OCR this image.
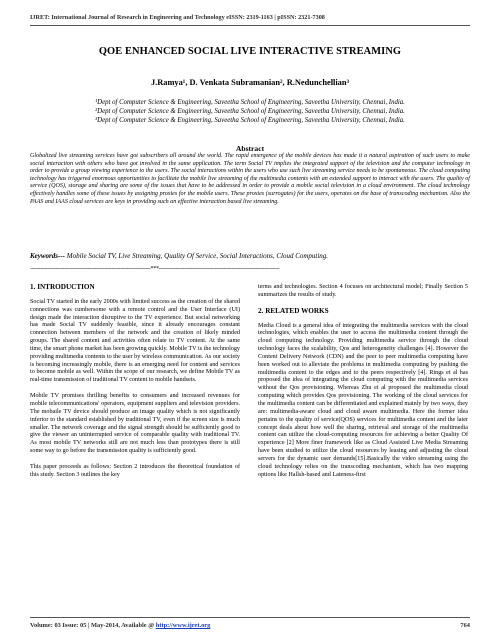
IJRET: International Journal of Research in Engineering and Technology eISSN: 2319-1163 | pISSN: 2321-7308
QOE ENHANCED SOCIAL LIVE INTERACTIVE STREAMING
J.Ramya¹, D. Venkata Subramanian², R.Nedunchellian³
¹Dept of Computer Science & Engineering, Saveetha School of Engineering, Saveetha University, Chennai, India.
²Dept of Computer Science & Engineering, Saveetha School of Engineering, Saveetha University, Chennai, India.
³Dept of Computer Science & Engineering, Saveetha School of Engineering, Saveetha University, Chennai, India.
Abstract
Globalized live streaming services have got subscribers all around the world. The rapid emergence of the mobile devices has made it a natural aspiration of such users to make social interaction with others who have got involved in the same application. The term Social TV implies the integrated support of the television and the computer technology in order to provide a group viewing experience to the users. The social interactions within the users who use such live streaming service needs to be spontaneous. The cloud computing technology has triggered enormous opportunities to facilitate the mobile live streaming of the multimedia contents with an extended support to interact with the users. The quality of service (QOS), storage and sharing are some of the issues that have to be addressed in order to provide a mobile social television in a cloud environment. The cloud technology effectively handles some of these issues by assigning proxies for the mobile users. These proxies (surrogates) for the users, operates on the base of transcoding mechanism. Also the PAAS and IAAS cloud services are keys in providing such an effective interaction based live streaming.
Keywords--- Mobile Social TV, Live Streaming, Quality Of Service, Social Interactions, Cloud Computing.
-----------------------------------------------------------------------***-----------------------------------------------------------------------
1. INTRODUCTION

Social TV started in the early 2000s with limited success as the creation of the shared connections was cumbersome with a remote control and the User Interface (UI) design made the interaction disruptive to the TV experience. But social networking has made Social TV suddenly feasible, since it already encourages constant connection between members of the network and the creation of likely minded groups. The shared content and activities often relate to TV content. At the same time, the smart phone market has been growing quickly. Mobile TV is the technology providing multimedia contents to the user by wireless communication. As our society is becoming increasingly mobile, there is an emerging need for content and services to become mobile as well. Within the scope of our research, we define Mobile TV as real-time transmission of traditional TV content to mobile handsets.

Mobile TV promises thrilling benefits to consumers and increased revenues for mobile telecommunications' operators, equipment suppliers and television providers. The mobaile TV device should produce an image quality which is not significantly inferior to the standard established by traditional TV, even if the screen size is much smaller. The network coverage and the signal strength should be sufficiently good to give the viewer an uninterrupted service of comparable quality with traditional TV. As most mobile TV networks still are not much less than prototypes there is still some way to go before the transmission quality is sufficiently good.

This paper proceeds as follows: Section 2 introduces the theoretical foundation of this study. Section 3 outlines the key

terms and technologies. Section 4 focuses on architectural model; Finally Section 5 summarizes the results of study.

2. RELATED WORKS

Media Cloud is a general idea of integrating the multimedia services with the cloud technologies, which enables the user to access the multimedia content through the cloud computing technology. Providing multimedia service through the cloud technology faces the scalability, Qos and heterogeneity challenges [4]. However the Content Delivery Network (CDN) and the peer to peer multimedia computing have been worked out to alleviate the problems in multimedia computing by pushing the multimedia content to the edges and to the peers respectively [4]. Rings et al has proposed the idea of integrating the cloud computing with the multimedia services without the Qos provisioning. Whereas Zhu et al proposed the multimedia cloud computing which provides Qos provisioning. The working of the cloud services for the multimedia content can be differentiated and explained mainly by two ways, they are: multimedia-aware cloud and cloud aware multimedia. Here the former idea pertains to the quality of service(QOS) services for multimedia content and the later concept deals about how well the sharing, retrieval and storage of the multimedia content can utilize the cloud-computing resources for achieving a better Quality Of experience [2] More finer framework like as Cloud Assisted Live Media Streaming have been studied to utilize the cloud resources by leasing and adjusting the cloud servers for the dynamic user demands[15].Basically the video streaming using the cloud technology relies on the transcoding mechanism, which has two mapping options like Hallsh-based and Lateness-first

Volume: 03 Issue: 05 | May-2014, Available @ http://www.ijret.org	764
